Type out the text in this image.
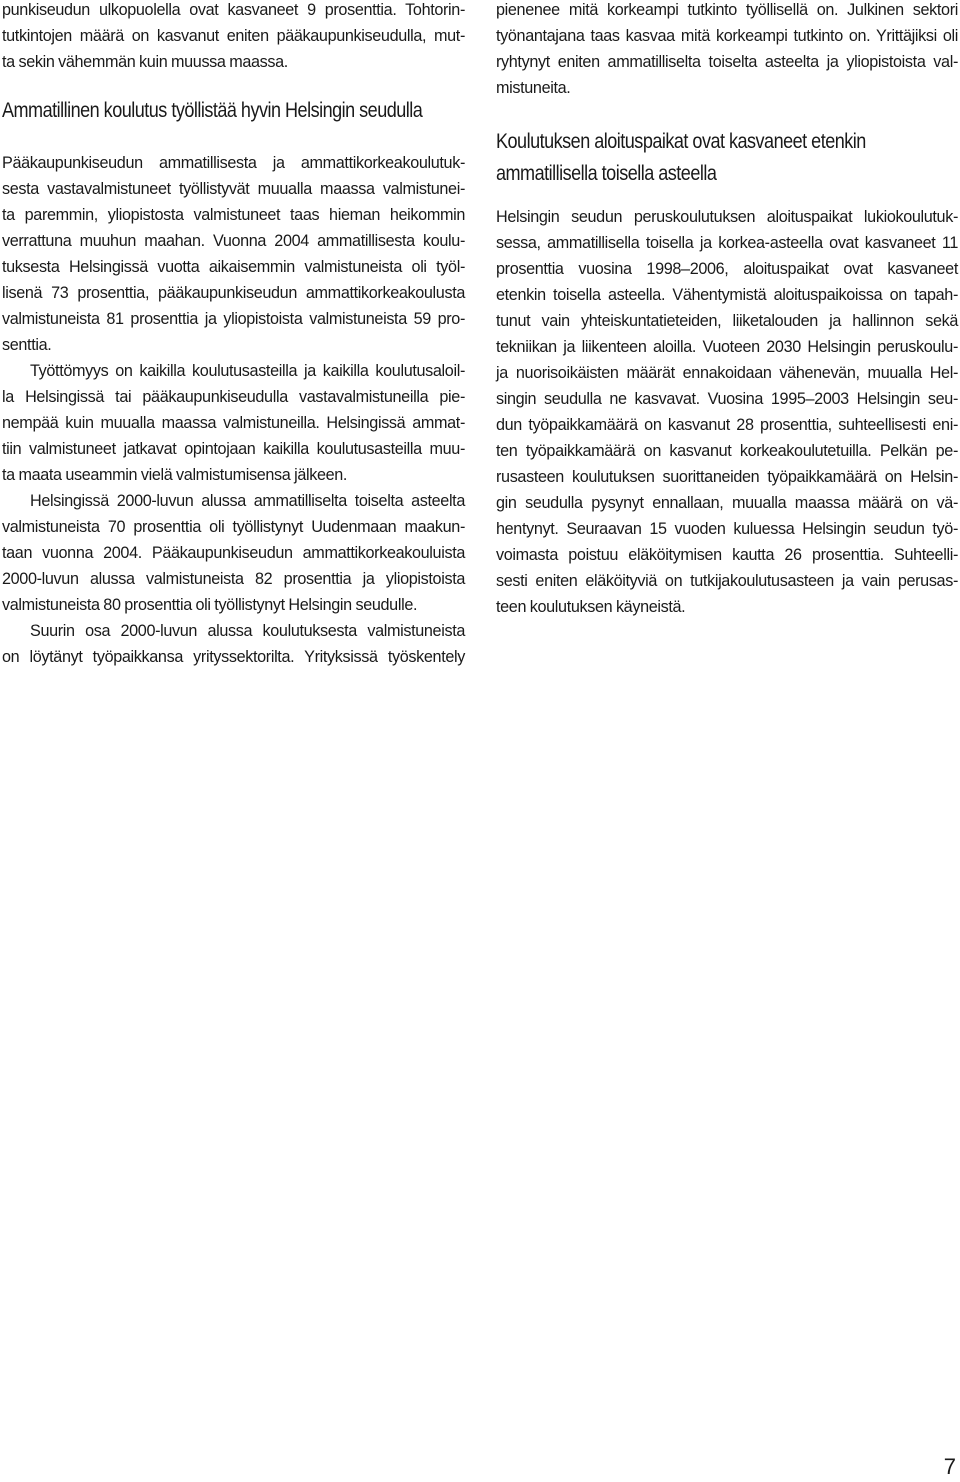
punkiseudun ulkopuolella ovat kasvaneet 9 prosenttia. Tohtorin-
tutkintojen määrä on kasvanut eniten pääkaupunkiseudulla, mut-
ta sekin vähemmän kuin muussa maassa.
Ammatillinen koulutus työllistää hyvin Helsingin seudulla
Pääkaupunkiseudun ammatillisesta ja ammattikorkeakoulutuk-
sesta vastavalmistuneet työllistyvät muualla maassa valmistunei-
ta paremmin, yliopistosta valmistuneet taas hieman heikommin
verrattuna muuhun maahan. Vuonna 2004 ammatillisesta koulu-
tuksesta Helsingissä vuotta aikaisemmin valmistuneista oli työl-
lisenä 73 prosenttia, pääkaupunkiseudun ammattikorkeakoulusta
valmistuneista 81 prosenttia ja yliopistoista valmistuneista 59 pro-
senttia.
Työttömyys on kaikilla koulutusasteilla ja kaikilla koulutusaloil-
la Helsingissä tai pääkaupunkiseudulla vastavalmistuneilla pie-
nempää kuin muualla maassa valmistuneilla. Helsingissä ammat-
tiin valmistuneet jatkavat opintojaan kaikilla koulutusasteilla muu-
ta maata useammin vielä valmistumisensa jälkeen.
Helsingissä 2000-luvun alussa ammatilliselta toiselta asteelta
valmistuneista 70 prosenttia oli työllistynyt Uudenmaan maakun-
taan vuonna 2004. Pääkaupunkiseudun ammattikorkeakouluista
2000-luvun alussa valmistuneista 82 prosenttia ja yliopistoista
valmistuneista 80 prosenttia oli työllistynyt Helsingin seudulle.
Suurin osa 2000-luvun alussa koulutuksesta valmistuneista
on löytänyt työpaikkansa yrityssektorilta. Yrityksissä työskentely
pienenee mitä korkeampi tutkinto työllisellä on. Julkinen sektori
työnantajana taas kasvaa mitä korkeampi tutkinto on. Yrittäjiksi oli
ryhtynyt eniten ammatilliselta toiselta asteelta ja yliopistoista val-
mistuneita.
Koulutuksen aloituspaikat ovat kasvaneet etenkin
ammatillisella toisella asteella
Helsingin seudun peruskoulutuksen aloituspaikat lukiokoulutuk-
sessa, ammatillisella toisella ja korkea-asteella ovat kasvaneet 11
prosenttia vuosina 1998–2006, aloituspaikat ovat kasvaneet
etenkin toisella asteella. Vähentymistä aloituspaikoissa on tapah-
tunut vain yhteiskuntatieteiden, liiketalouden ja hallinnon sekä
tekniikan ja liikenteen aloilla. Vuoteen 2030 Helsingin peruskoulu-
ja nuorisoikäisten määrät ennakoidaan vähenevän, muualla Hel-
singin seudulla ne kasvavat. Vuosina 1995–2003 Helsingin seu-
dun työpaikkamäärä on kasvanut 28 prosenttia, suhteellisesti eni-
ten työpaikkamäärä on kasvanut korkeakoulutetuilla. Pelkän pe-
rusasteen koulutuksen suorittaneiden työpaikkamäärä on Helsin-
gin seudulla pysynyt ennallaan, muualla maassa määrä on vä-
hentynyt. Seuraavan 15 vuoden kuluessa Helsingin seudun työ-
voimasta poistuu eläköitymisen kautta 26 prosenttia. Suhteelli-
sesti eniten eläköityviä on tutkijakoulutusasteen ja vain perusas-
teen koulutuksen käyneistä.
7
